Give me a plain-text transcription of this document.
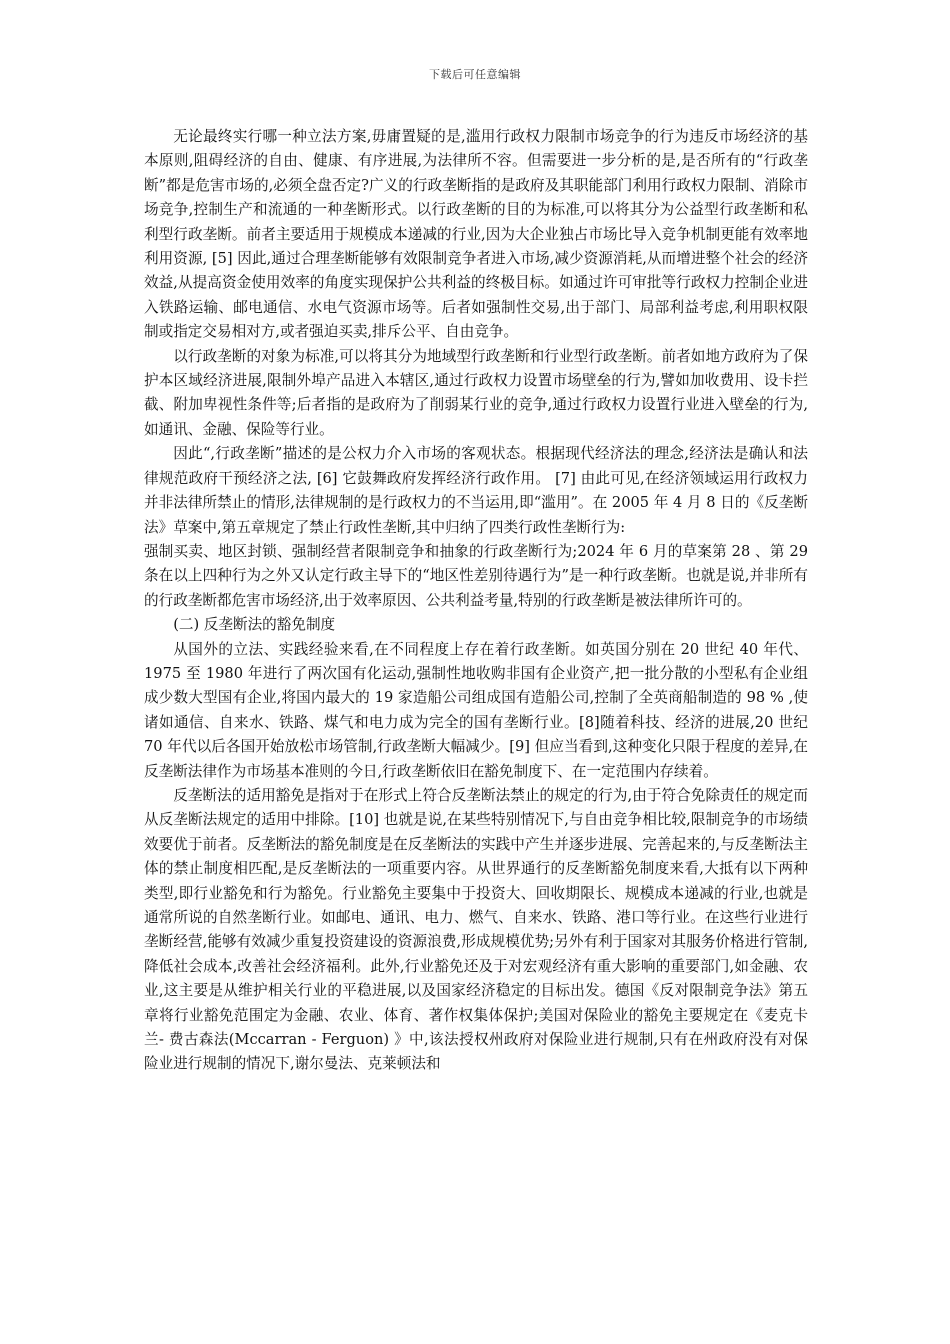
下载后可任意编辑

无论最终实行哪一种立法方案,毋庸置疑的是,滥用行政权力限制市场竞争的行为违反市场经济的基本原则,阻碍经济的自由、健康、有序进展,为法律所不容。但需要进一步分析的是,是否所有的“行政垄断”都是危害市场的,必须全盘否定?广义的行政垄断指的是政府及其职能部门利用行政权力限制、消除市场竞争,控制生产和流通的一种垄断形式。以行政垄断的目的为标准,可以将其分为公益型行政垄断和私利型行政垄断。前者主要适用于规模成本递减的行业,因为大企业独占市场比导入竞争机制更能有效率地利用资源, [5] 因此,通过合理垄断能够有效限制竞争者进入市场,减少资源消耗,从而增进整个社会的经济效益,从提高资金使用效率的角度实现保护公共利益的终极目标。如通过许可审批等行政权力控制企业进入铁路运输、邮电通信、水电气资源市场等。后者如强制性交易,出于部门、局部利益考虑,利用职权限制或指定交易相对方,或者强迫买卖,排斥公平、自由竞争。

以行政垄断的对象为标准,可以将其分为地域型行政垄断和行业型行政垄断。前者如地方政府为了保护本区域经济进展,限制外埠产品进入本辖区,通过行政权力设置市场壁垒的行为,譬如加收费用、设卡拦截、附加卑视性条件等;后者指的是政府为了削弱某行业的竞争,通过行政权力设置行业进入壁垒的行为,如通讯、金融、保险等行业。

因此“,行政垄断”描述的是公权力介入市场的客观状态。根据现代经济法的理念,经济法是确认和法律规范政府干预经济之法, [6] 它鼓舞政府发挥经济行政作用。 [7] 由此可见,在经济领域运用行政权力并非法律所禁止的情形,法律规制的是行政权力的不当运用,即“滥用”。在 2005 年 4 月 8 日的《反垄断法》草案中,第五章规定了禁止行政性垄断,其中归纳了四类行政性垄断行为:

强制买卖、地区封锁、强制经营者限制竞争和抽象的行政垄断行为;2024 年 6 月的草案第 28 、第 29 条在以上四种行为之外又认定行政主导下的“地区性差别待遇行为”是一种行政垄断。也就是说,并非所有的行政垄断都危害市场经济,出于效率原因、公共利益考量,特别的行政垄断是被法律所许可的。

(二) 反垄断法的豁免制度

从国外的立法、实践经验来看,在不同程度上存在着行政垄断。如英国分别在 20 世纪 40 年代、1975 至 1980 年进行了两次国有化运动,强制性地收购非国有企业资产,把一批分散的小型私有企业组成少数大型国有企业,将国内最大的 19 家造船公司组成国有造船公司,控制了全英商船制造的 98 % ,使诸如通信、自来水、铁路、煤气和电力成为完全的国有垄断行业。[8]随着科技、经济的进展,20 世纪 70 年代以后各国开始放松市场管制,行政垄断大幅减少。[9] 但应当看到,这种变化只限于程度的差异,在反垄断法律作为市场基本准则的今日,行政垄断依旧在豁免制度下、在一定范围内存续着。

反垄断法的适用豁免是指对于在形式上符合反垄断法禁止的规定的行为,由于符合免除责任的规定而从反垄断法规定的适用中排除。[10] 也就是说,在某些特别情况下,与自由竞争相比较,限制竞争的市场绩效要优于前者。反垄断法的豁免制度是在反垄断法的实践中产生并逐步进展、完善起来的,与反垄断法主体的禁止制度相匹配,是反垄断法的一项重要内容。从世界通行的反垄断豁免制度来看,大抵有以下两种类型,即行业豁免和行为豁免。行业豁免主要集中于投资大、回收期限长、规模成本递减的行业,也就是通常所说的自然垄断行业。如邮电、通讯、电力、燃气、自来水、铁路、港口等行业。在这些行业进行垄断经营,能够有效减少重复投资建设的资源浪费,形成规模优势;另外有利于国家对其服务价格进行管制,降低社会成本,改善社会经济福利。此外,行业豁免还及于对宏观经济有重大影响的重要部门,如金融、农业,这主要是从维护相关行业的平稳进展,以及国家经济稳定的目标出发。德国《反对限制竞争法》第五章将行业豁免范围定为金融、农业、体育、著作权集体保护;美国对保险业的豁免主要规定在《麦克卡兰- 费古森法(Mccarran - Ferguon) 》中,该法授权州政府对保险业进行规制,只有在州政府没有对保险业进行规制的情况下,谢尔曼法、克莱顿法和
